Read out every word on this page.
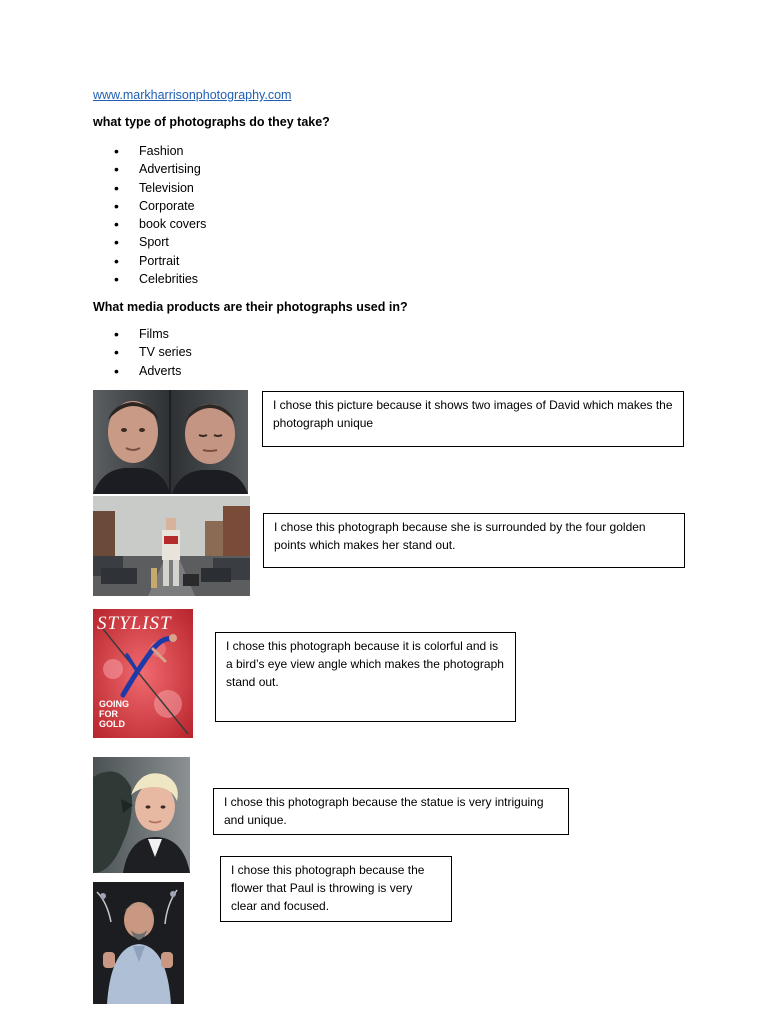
www.markharrisonphotography.com
what type of photographs do they take?
• Fashion
• Advertising
• Television
• Corporate
• book covers
• Sport
• Portrait
• Celebrities
What media products are their photographs used in?
• Films
• TV series
• Adverts
I chose this picture because it shows two images of David which makes the photograph unique
I chose this photograph because she is surrounded by the four golden points which makes her stand out.
STYLIST
GOING FOR GOLD
I chose this photograph because it is colorful and is a bird’s eye view angle which makes the photograph stand out.
I chose this photograph because the statue is very intriguing and unique.
I chose this photograph because the flower that Paul is throwing is very clear and focused.
